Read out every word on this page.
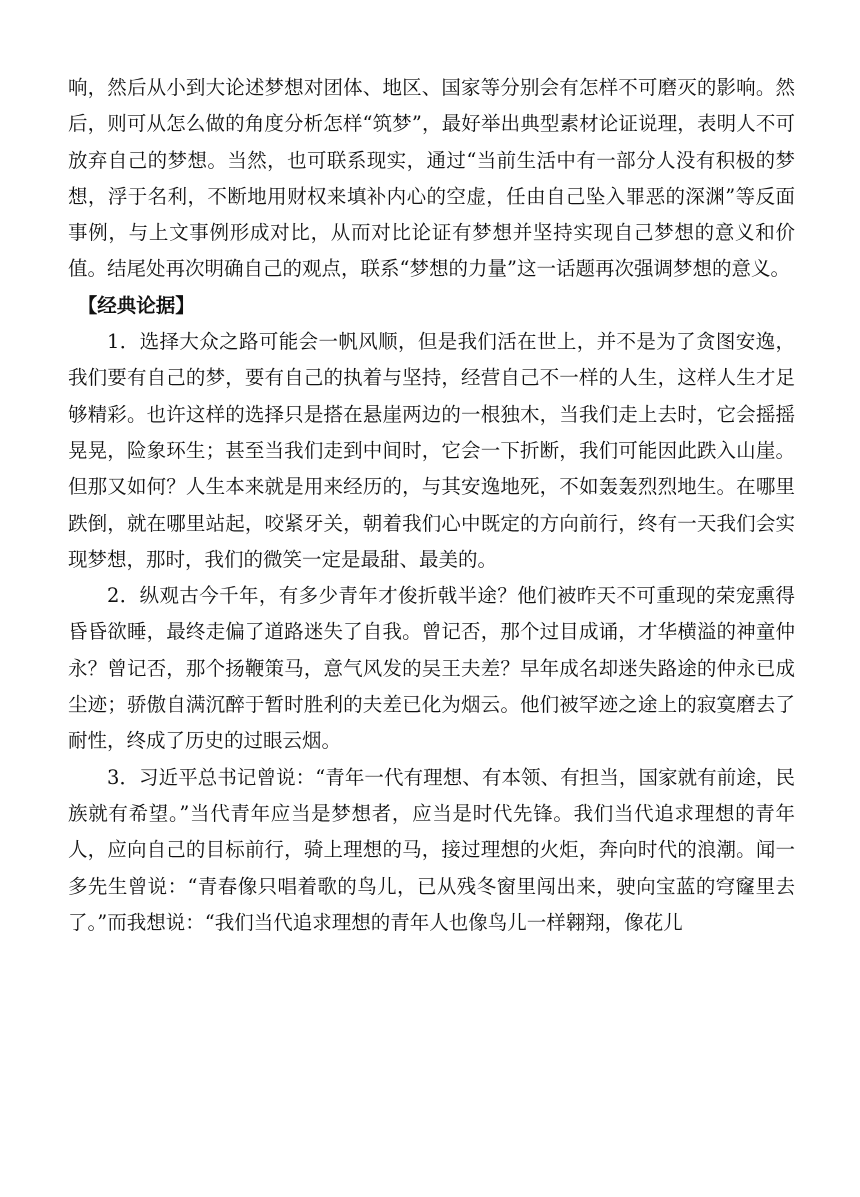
响，然后从小到大论述梦想对团体、地区、国家等分别会有怎样不可磨灭的影响。然后，则可从怎么做的角度分析怎样“筑梦”，最好举出典型素材论证说理，表明人不可放弃自己的梦想。当然，也可联系现实，通过“当前生活中有一部分人没有积极的梦想，浮于名利，不断地用财权来填补内心的空虚，任由自己坠入罪恶的深渊”等反面事例，与上文事例形成对比，从而对比论证有梦想并坚持实现自己梦想的意义和价值。结尾处再次明确自己的观点，联系“梦想的力量”这一话题再次强调梦想的意义。

【经典论据】

1．选择大众之路可能会一帆风顺，但是我们活在世上，并不是为了贪图安逸，我们要有自己的梦，要有自己的执着与坚持，经营自己不一样的人生，这样人生才足够精彩。也许这样的选择只是搭在悬崖两边的一根独木，当我们走上去时，它会摇摇晃晃，险象环生；甚至当我们走到中间时，它会一下折断，我们可能因此跌入山崖。但那又如何？人生本来就是用来经历的，与其安逸地死，不如轰轰烈烈地生。在哪里跌倒，就在哪里站起，咬紧牙关，朝着我们心中既定的方向前行，终有一天我们会实现梦想，那时，我们的微笑一定是最甜、最美的。

2．纵观古今千年，有多少青年才俊折戟半途？他们被昨天不可重现的荣宠熏得昏昏欲睡，最终走偏了道路迷失了自我。曾记否，那个过目成诵，才华横溢的神童仲永？曾记否，那个扬鞭策马，意气风发的吴王夫差？早年成名却迷失路途的仲永已成尘迹；骄傲自满沉醉于暂时胜利的夫差已化为烟云。他们被罕迹之途上的寂寞磨去了耐性，终成了历史的过眼云烟。

3．习近平总书记曾说：“青年一代有理想、有本领、有担当，国家就有前途，民族就有希望。”当代青年应当是梦想者，应当是时代先锋。我们当代追求理想的青年人，应向自己的目标前行，骑上理想的马，接过理想的火炬，奔向时代的浪潮。闻一多先生曾说：“青春像只唱着歌的鸟儿，已从残冬窗里闯出来，驶向宝蓝的穹窿里去了。”而我想说：“我们当代追求理想的青年人也像鸟儿一样翱翔，像花儿
